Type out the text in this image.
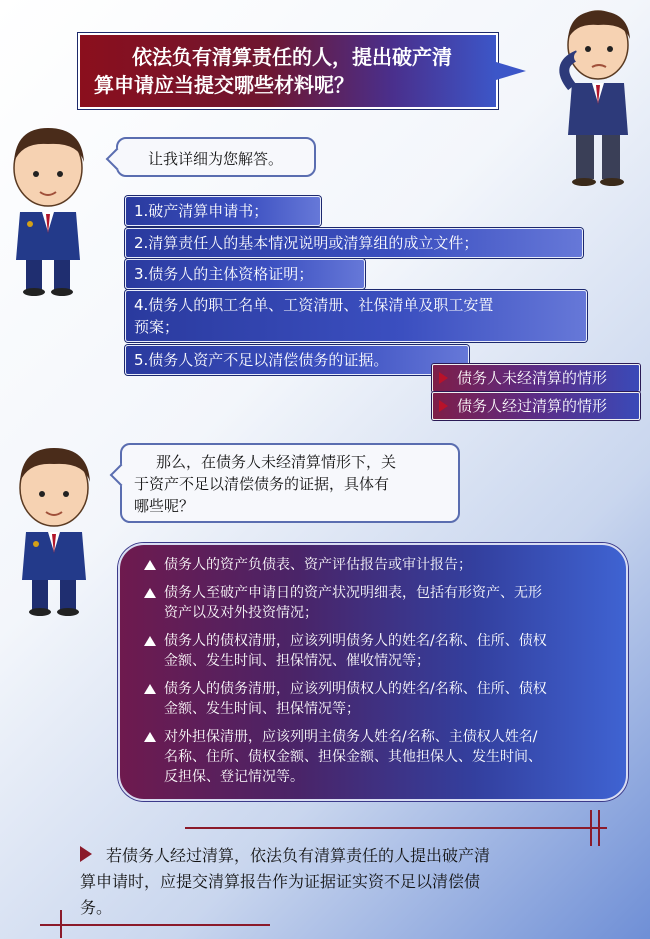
依法负有清算责任的人，提出破产清
算申请应当提交哪些材料呢？
让我详细为您解答。
1.破产清算申请书；
2.清算责任人的基本情况说明或清算组的成立文件；
3.债务人的主体资格证明；
4.债务人的职工名单、工资清册、社保清单及职工安置
预案；
5.债务人资产不足以清偿债务的证据。
债务人未经清算的情形
债务人经过清算的情形
那么，在债务人未经清算情形下，关
于资产不足以清偿债务的证据，具体有
哪些呢？
债务人的资产负债表、资产评估报告或审计报告；
债务人至破产申请日的资产状况明细表，包括有形资产、无形
资产以及对外投资情况；
债务人的债权清册，应该列明债务人的姓名/名称、住所、债权
金额、发生时间、担保情况、催收情况等；
债务人的债务清册，应该列明债权人的姓名/名称、住所、债权
金额、发生时间、担保情况等；
对外担保清册，应该列明主债务人姓名/名称、主债权人姓名/
名称、住所、债权金额、担保金额、其他担保人、发生时间、
反担保、登记情况等。
若债务人经过清算，依法负有清算责任的人提出破产清
算申请时，应提交清算报告作为证据证实资不足以清偿债
务。
